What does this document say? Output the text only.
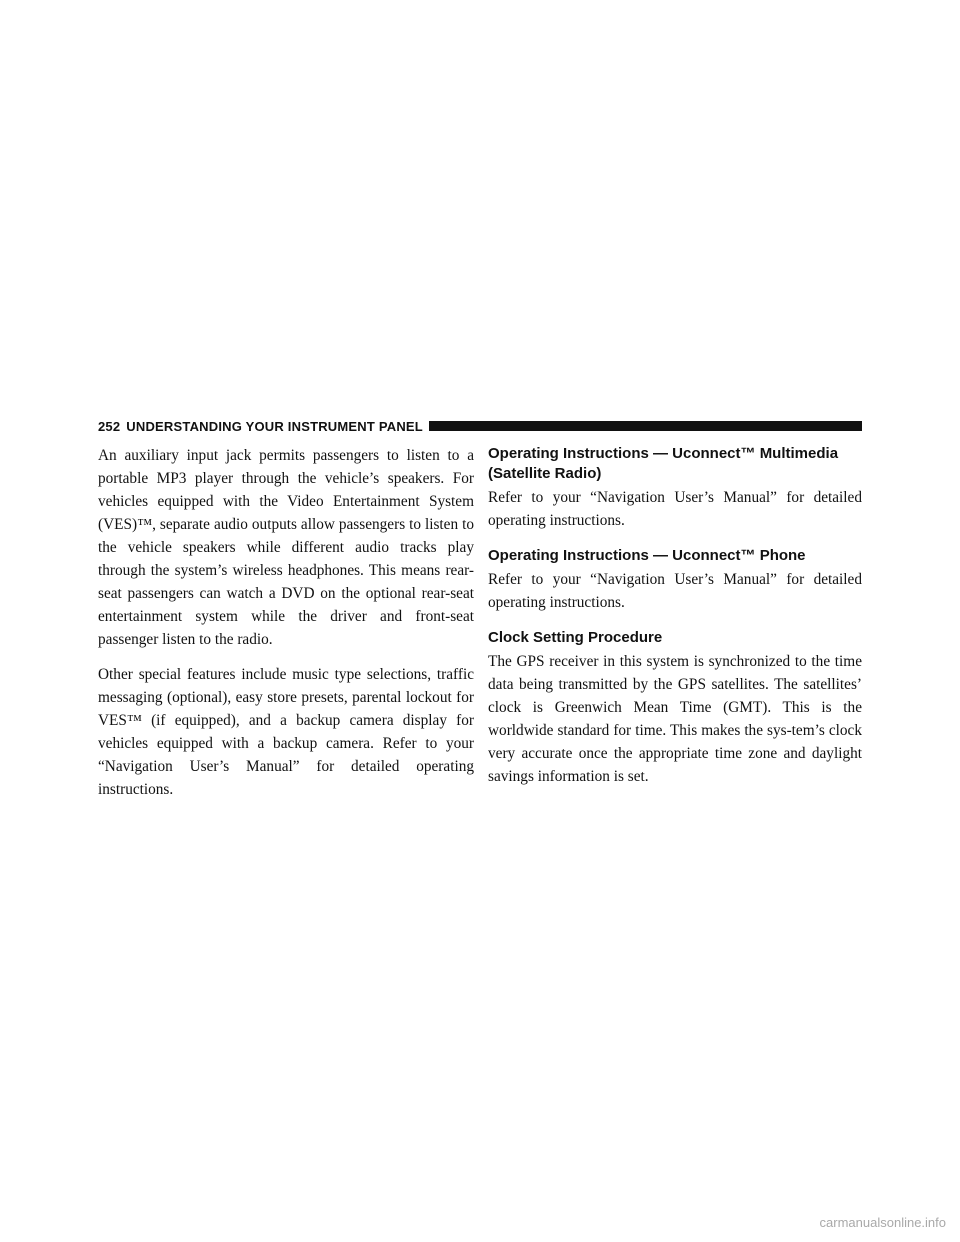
252 UNDERSTANDING YOUR INSTRUMENT PANEL

An auxiliary input jack permits passengers to listen to a portable MP3 player through the vehicle’s speakers. For vehicles equipped with the Video Entertainment System (VES)™, separate audio outputs allow passengers to listen to the vehicle speakers while different audio tracks play through the system’s wireless headphones. This means rear-seat passengers can watch a DVD on the optional rear-seat entertainment system while the driver and front-seat passenger listen to the radio.

Other special features include music type selections, traffic messaging (optional), easy store presets, parental lockout for VES™ (if equipped), and a backup camera display for vehicles equipped with a backup camera. Refer to your “Navigation User’s Manual” for detailed operating instructions.

Operating Instructions — Uconnect™ Multimedia (Satellite Radio)

Refer to your “Navigation User’s Manual” for detailed operating instructions.

Operating Instructions — Uconnect™ Phone

Refer to your “Navigation User’s Manual” for detailed operating instructions.

Clock Setting Procedure

The GPS receiver in this system is synchronized to the time data being transmitted by the GPS satellites. The satellites’ clock is Greenwich Mean Time (GMT). This is the worldwide standard for time. This makes the sys-tem’s clock very accurate once the appropriate time zone and daylight savings information is set.

carmanualsonline.info
